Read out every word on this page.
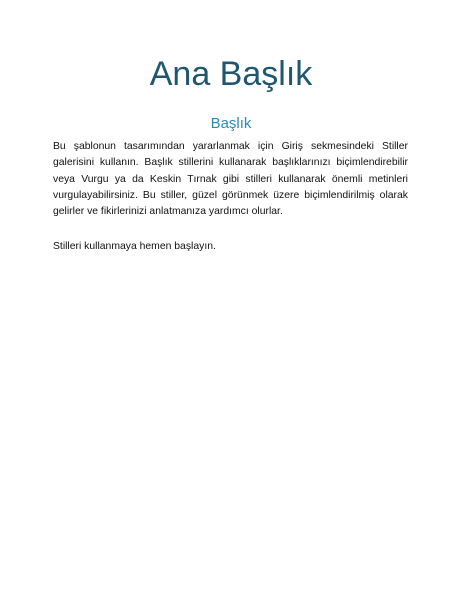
Ana Başlık
Başlık

Bu şablonun tasarımından yararlanmak için Giriş sekmesindeki Stiller galerisini kullanın. Başlık stillerini kullanarak başlıklarınızı biçimlendirebilir veya Vurgu ya da Keskin Tırnak gibi stilleri kullanarak önemli metinleri vurgulayabilirsiniz. Bu stiller, güzel görünmek üzere biçimlendirilmiş olarak gelirler ve fikirlerinizi anlatmanıza yardımcı olurlar.

Stilleri kullanmaya hemen başlayın.
